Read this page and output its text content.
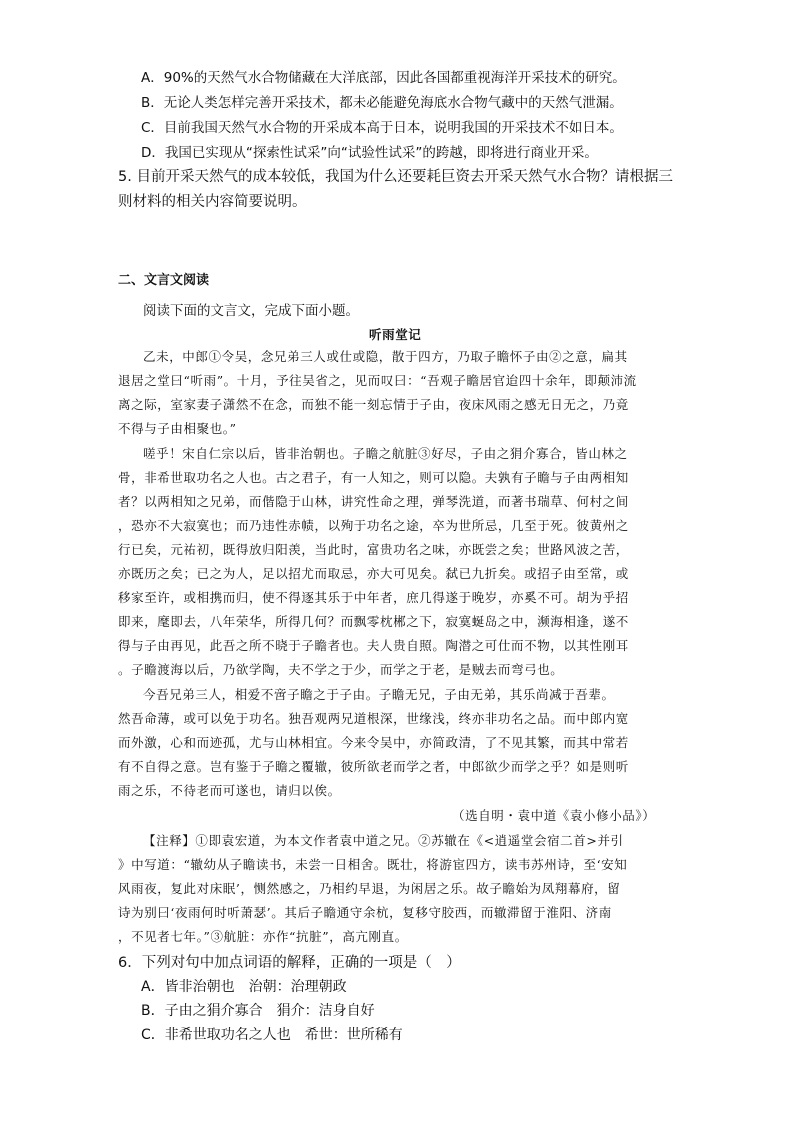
A．90%的天然气水合物储藏在大洋底部，因此各国都重视海洋开采技术的研究。
B．无论人类怎样完善开采技术，都未必能避免海底水合物气藏中的天然气泄漏。
C．目前我国天然气水合物的开采成本高于日本，说明我国的开采技术不如日本。
D．我国已实现从“探索性试采”向“试验性试采”的跨越，即将进行商业开采。
5. 目前开采天然气的成本较低，我国为什么还要耗巨资去开采天然气水合物？请根据三
则材料的相关内容简要说明。
二、文言文阅读
阅读下面的文言文，完成下面小题。
听雨堂记
乙未，中郎①令吴，念兄弟三人或仕或隐，散于四方，乃取子瞻怀子由②之意，扁其
退居之堂曰“听雨”。十月，予往吴省之，见而叹曰：“吾观子瞻居官迨四十余年，即颠沛流
离之际，室家妻子潇然不在念，而独不能一刻忘情于子由，夜床风雨之感无日无之，乃竟
不得与子由相聚也。”
嗟乎！宋自仁宗以后，皆非治朝也。子瞻之航脏③好尽，子由之狷介寡合，皆山林之
骨，非希世取功名之人也。古之君子，有一人知之，则可以隐。夫孰有子瞻与子由两相知
者？以两相知之兄弟，而偕隐于山林，讲究性命之理，弹琴洗道，而著书瑞草、何村之间
，恐亦不大寂寞也；而乃违性赤帻，以殉于功名之途，卒为世所忌，几至于死。彼黄州之
行已矣，元祐初，既得放归阳羡，当此时，富贵功名之味，亦既尝之矣；世路风波之苦，
亦既历之矣；已之为人，足以招尤而取忌，亦大可见矣。弑已九折矣。或招子由至常，或
移家至许，或相携而归，使不得逐其乐于中年者，庶几得遂于晚岁，亦奚不可。胡为乎招
即来，麾即去，八年荣华，所得几何？而飘零枕郴之下，寂寞蜒岛之中，濒海相逢，遂不
得与子由再见，此吾之所不晓于子瞻者也。夫人贵自照。陶潜之可仕而不物，以其性刚耳
。子瞻渡海以后，乃欲学陶，夫不学之于少，而学之于老，是贼去而弯弓也。
今吾兄弟三人，相爱不啻子瞻之于子由。子瞻无兄，子由无弟，其乐尚减于吾辈。
然吾命薄，或可以免于功名。独吾观两兄道根深，世缘浅，终亦非功名之品。而中郎内宽
而外激，心和而迹孤，尤与山林相宜。今来令吴中，亦简政清，了不见其繁，而其中常若
有不自得之意。岂有鉴于子瞻之覆辙，彼所欲老而学之者，中郎欲少而学之乎？如是则听
雨之乐，不待老而可遂也，请归以俟。
（选自明・袁中道《袁小修小品》）
【注释】①即袁宏道，为本文作者袁中道之兄。②苏辙在《<逍遥堂会宿二首>并引
》中写道：“辙幼从子瞻读书，未尝一日相舍。既壮，将游宦四方，读韦苏州诗，至‘安知
风雨夜，复此对床眠’，恻然感之，乃相约早退，为闲居之乐。故子瞻始为凤翔幕府，留
诗为别曰‘夜雨何时听萧瑟’。其后子瞻通守余杭，复移守胶西，而辙滞留于淮阳、济南
，不见者七年。”③航脏：亦作“抗脏”，高亢刚直。
6．下列对句中加点词语的解释，正确的一项是（　）
A．皆非治朝也　治朝：治理朝政
B．子由之狷介寡合　狷介：洁身自好
C．非希世取功名之人也　希世：世所稀有
